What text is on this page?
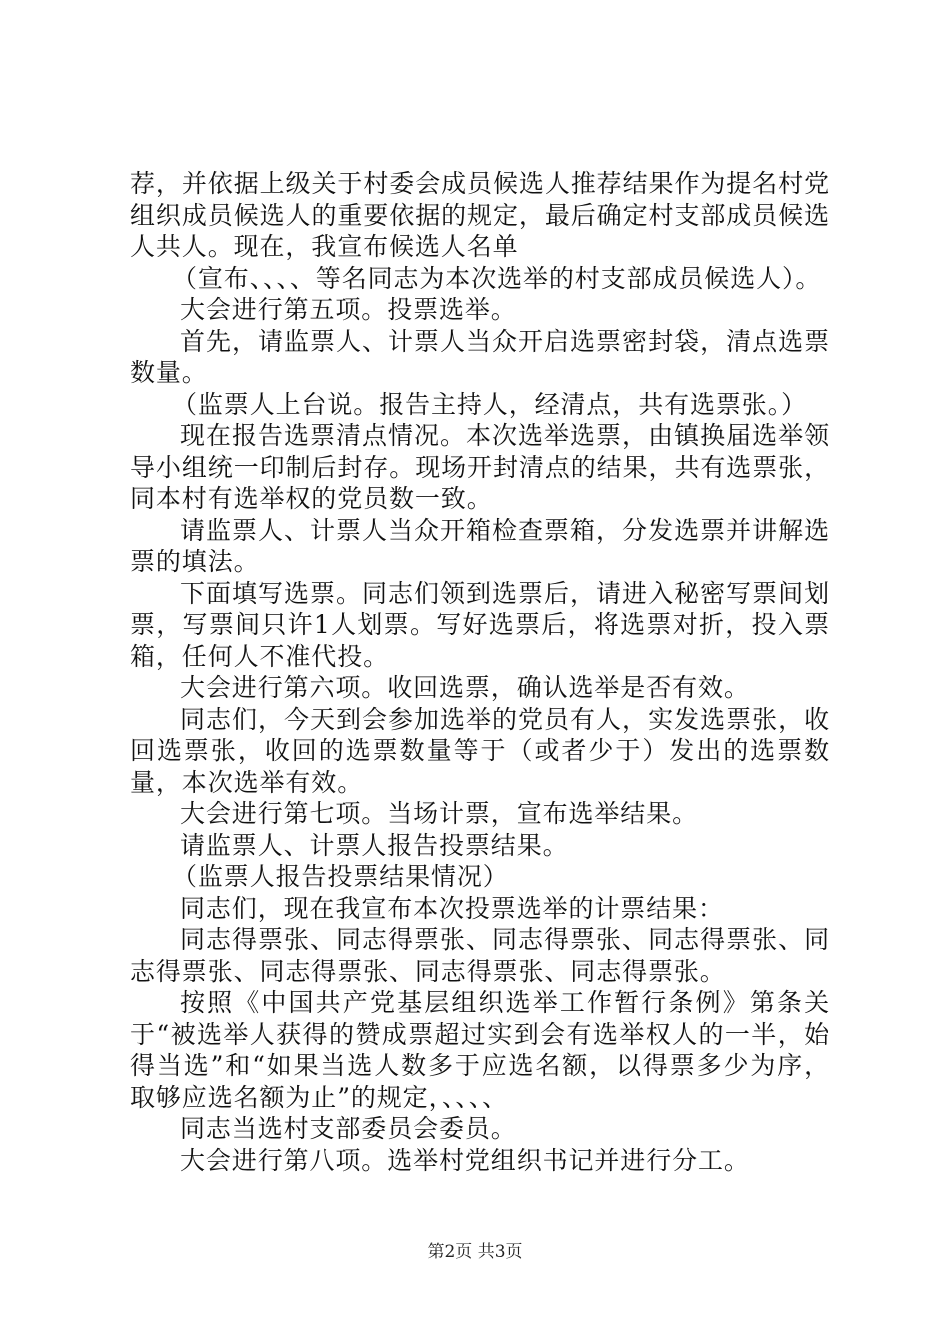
荐，并依据上级关于村委会成员候选人推荐结果作为提名村党组织成员候选人的重要依据的规定，最后确定村支部成员候选人共人。现在，我宣布候选人名单

（宣布、、、、等名同志为本次选举的村支部成员候选人）。

大会进行第五项。投票选举。

首先，请监票人、计票人当众开启选票密封袋，清点选票数量。

（监票人上台说。报告主持人，经清点，共有选票张。）

现在报告选票清点情况。本次选举选票，由镇换届选举领导小组统一印制后封存。现场开封清点的结果，共有选票张，同本村有选举权的党员数一致。

请监票人、计票人当众开箱检查票箱，分发选票并讲解选票的填法。

下面填写选票。同志们领到选票后，请进入秘密写票间划票，写票间只许1人划票。写好选票后，将选票对折，投入票箱，任何人不准代投。

大会进行第六项。收回选票，确认选举是否有效。

同志们，今天到会参加选举的党员有人，实发选票张，收回选票张，收回的选票数量等于（或者少于）发出的选票数量，本次选举有效。

大会进行第七项。当场计票，宣布选举结果。

请监票人、计票人报告投票结果。

（监票人报告投票结果情况）

同志们，现在我宣布本次投票选举的计票结果：

同志得票张、同志得票张、同志得票张、同志得票张、同志得票张、同志得票张、同志得票张、同志得票张。

按照《中国共产党基层组织选举工作暂行条例》第条关于“被选举人获得的赞成票超过实到会有选举权人的一半，始得当选”和“如果当选人数多于应选名额，以得票多少为序，取够应选名额为止”的规定，、、、、

同志当选村支部委员会委员。

大会进行第八项。选举村党组织书记并进行分工。

第2页 共3页
